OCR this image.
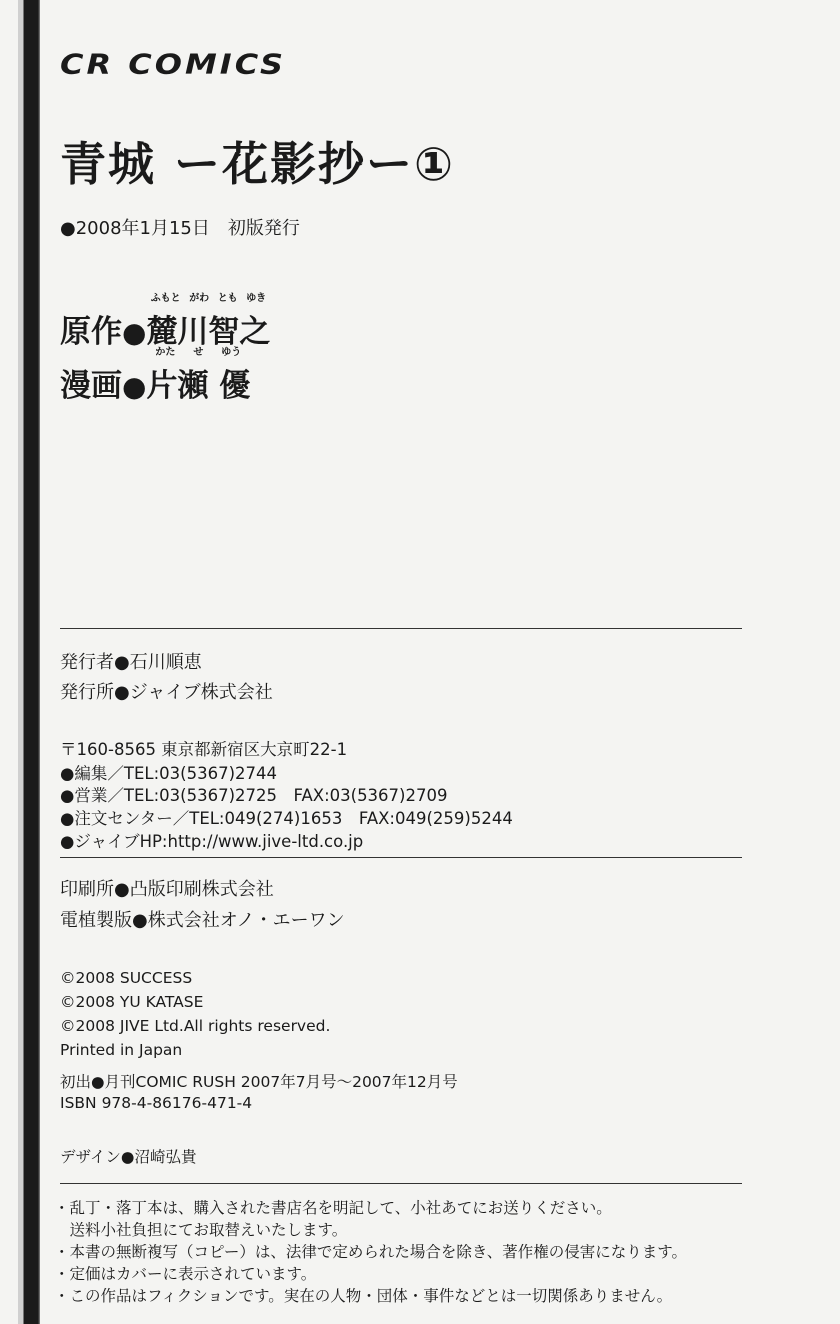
CR COMICS
青城 ー花影抄ー①
●2008年1月15日　初版発行
原作●
ふもと がわ とも ゆき
麓川智之
漫画●
かた せ ゆう
片瀬 優
発行者●石川順恵
発行所●ジャイブ株式会社
〒160-8565 東京都新宿区大京町22-1
●編集／TEL:03(5367)2744
●営業／TEL:03(5367)2725　FAX:03(5367)2709
●注文センター／TEL:049(274)1653　FAX:049(259)5244
●ジャイブHP:http://www.jive-ltd.co.jp
印刷所●凸版印刷株式会社
電植製版●株式会社オノ・エーワン
©2008 SUCCESS
©2008 YU KATASE
©2008 JIVE Ltd.All rights reserved.
Printed in Japan
初出●月刊COMIC RUSH 2007年7月号〜2007年12月号
ISBN 978-4-86176-471-4
デザイン●沼崎弘貴
・乱丁・落丁本は、購入された書店名を明記して、小社あてにお送りください。
　送料小社負担にてお取替えいたします。
・本書の無断複写（コピー）は、法律で定められた場合を除き、著作権の侵害になります。
・定価はカバーに表示されています。
・この作品はフィクションです。実在の人物・団体・事件などとは一切関係ありません。
